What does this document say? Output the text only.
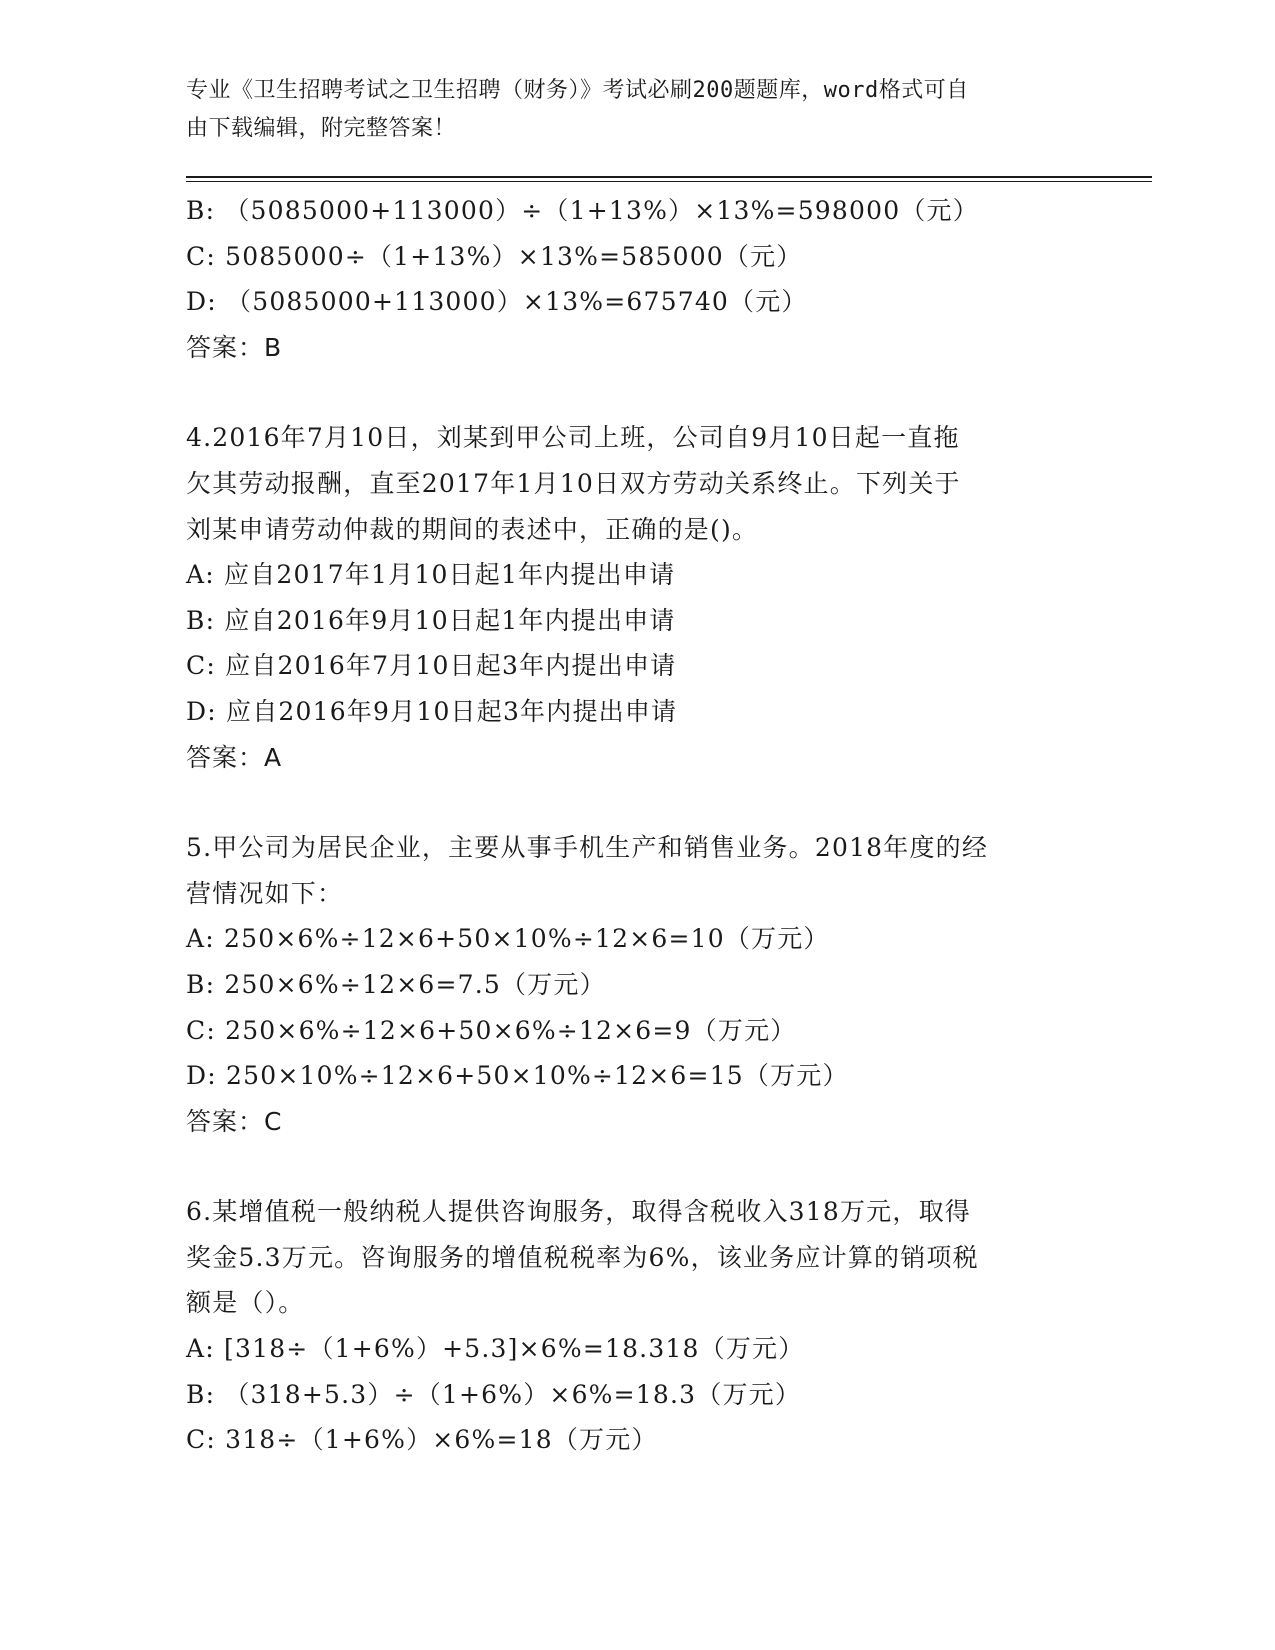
专业《卫生招聘考试之卫生招聘（财务）》考试必刷200题题库，word格式可自
由下载编辑，附完整答案！
B: （5085000+113000）÷（1+13%）×13%=598000（元）
C: 5085000÷（1+13%）×13%=585000（元）
D: （5085000+113000）×13%=675740（元）
答案：B
4.2016年7月10日，刘某到甲公司上班，公司自9月10日起一直拖
欠其劳动报酬，直至2017年1月10日双方劳动关系终止。下列关于
刘某申请劳动仲裁的期间的表述中，正确的是()。
A: 应自2017年1月10日起1年内提出申请
B: 应自2016年9月10日起1年内提出申请
C: 应自2016年7月10日起3年内提出申请
D: 应自2016年9月10日起3年内提出申请
答案：A
5.甲公司为居民企业，主要从事手机生产和销售业务。2018年度的经
营情况如下：
A: 250×6%÷12×6+50×10%÷12×6=10（万元）
B: 250×6%÷12×6=7.5（万元）
C: 250×6%÷12×6+50×6%÷12×6=9（万元）
D: 250×10%÷12×6+50×10%÷12×6=15（万元）
答案：C
6.某增值税一般纳税人提供咨询服务，取得含税收入318万元，取得
奖金5.3万元。咨询服务的增值税税率为6%，该业务应计算的销项税
额是（）。
A: [318÷（1+6%）+5.3]×6%=18.318（万元）
B: （318+5.3）÷（1+6%）×6%=18.3（万元）
C: 318÷（1+6%）×6%=18（万元）
